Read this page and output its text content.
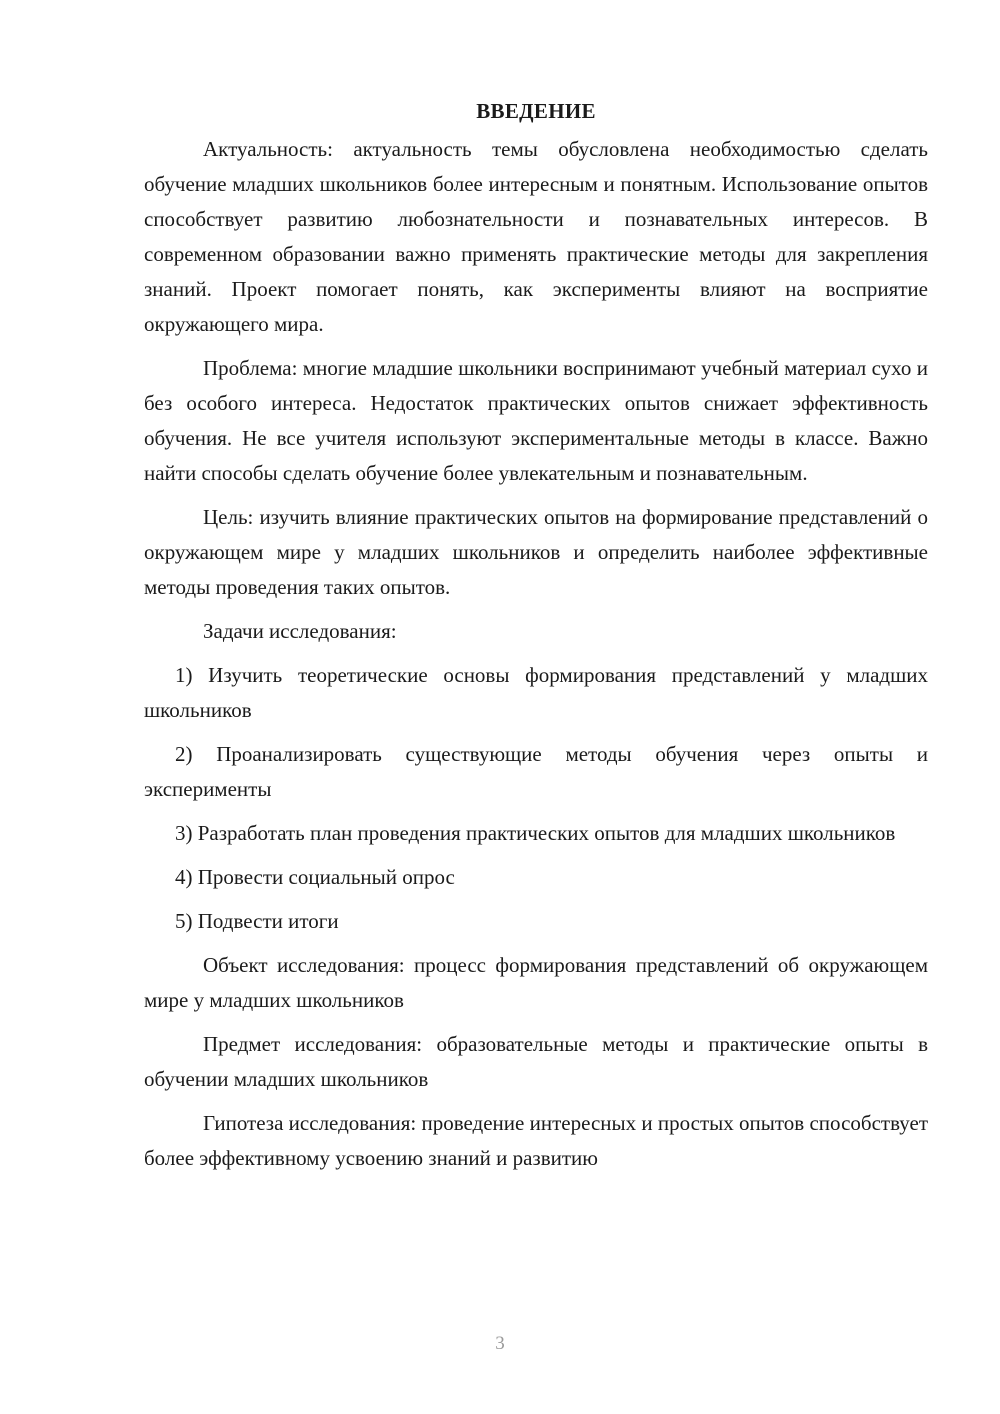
ВВЕДЕНИЕ

Актуальность: актуальность темы обусловлена необходимостью сделать обучение младших школьников более интересным и понятным. Использование опытов способствует развитию любознательности и познавательных интересов. В современном образовании важно применять практические методы для закрепления знаний. Проект помогает понять, как эксперименты влияют на восприятие окружающего мира.

Проблема: многие младшие школьники воспринимают учебный материал сухо и без особого интереса. Недостаток практических опытов снижает эффективность обучения. Не все учителя используют экспериментальные методы в классе. Важно найти способы сделать обучение более увлекательным и познавательным.

Цель: изучить влияние практических опытов на формирование представлений о окружающем мире у младших школьников и определить наиболее эффективные методы проведения таких опытов.

Задачи исследования:

1) Изучить теоретические основы формирования представлений у младших школьников

2) Проанализировать существующие методы обучения через опыты и эксперименты

3) Разработать план проведения практических опытов для младших школьников

4) Провести социальный опрос

5) Подвести итоги

Объект исследования: процесс формирования представлений об окружающем мире у младших школьников

Предмет исследования: образовательные методы и практические опыты в обучении младших школьников

Гипотеза исследования: проведение интересных и простых опытов способствует более эффективному усвоению знаний и развитию

3
